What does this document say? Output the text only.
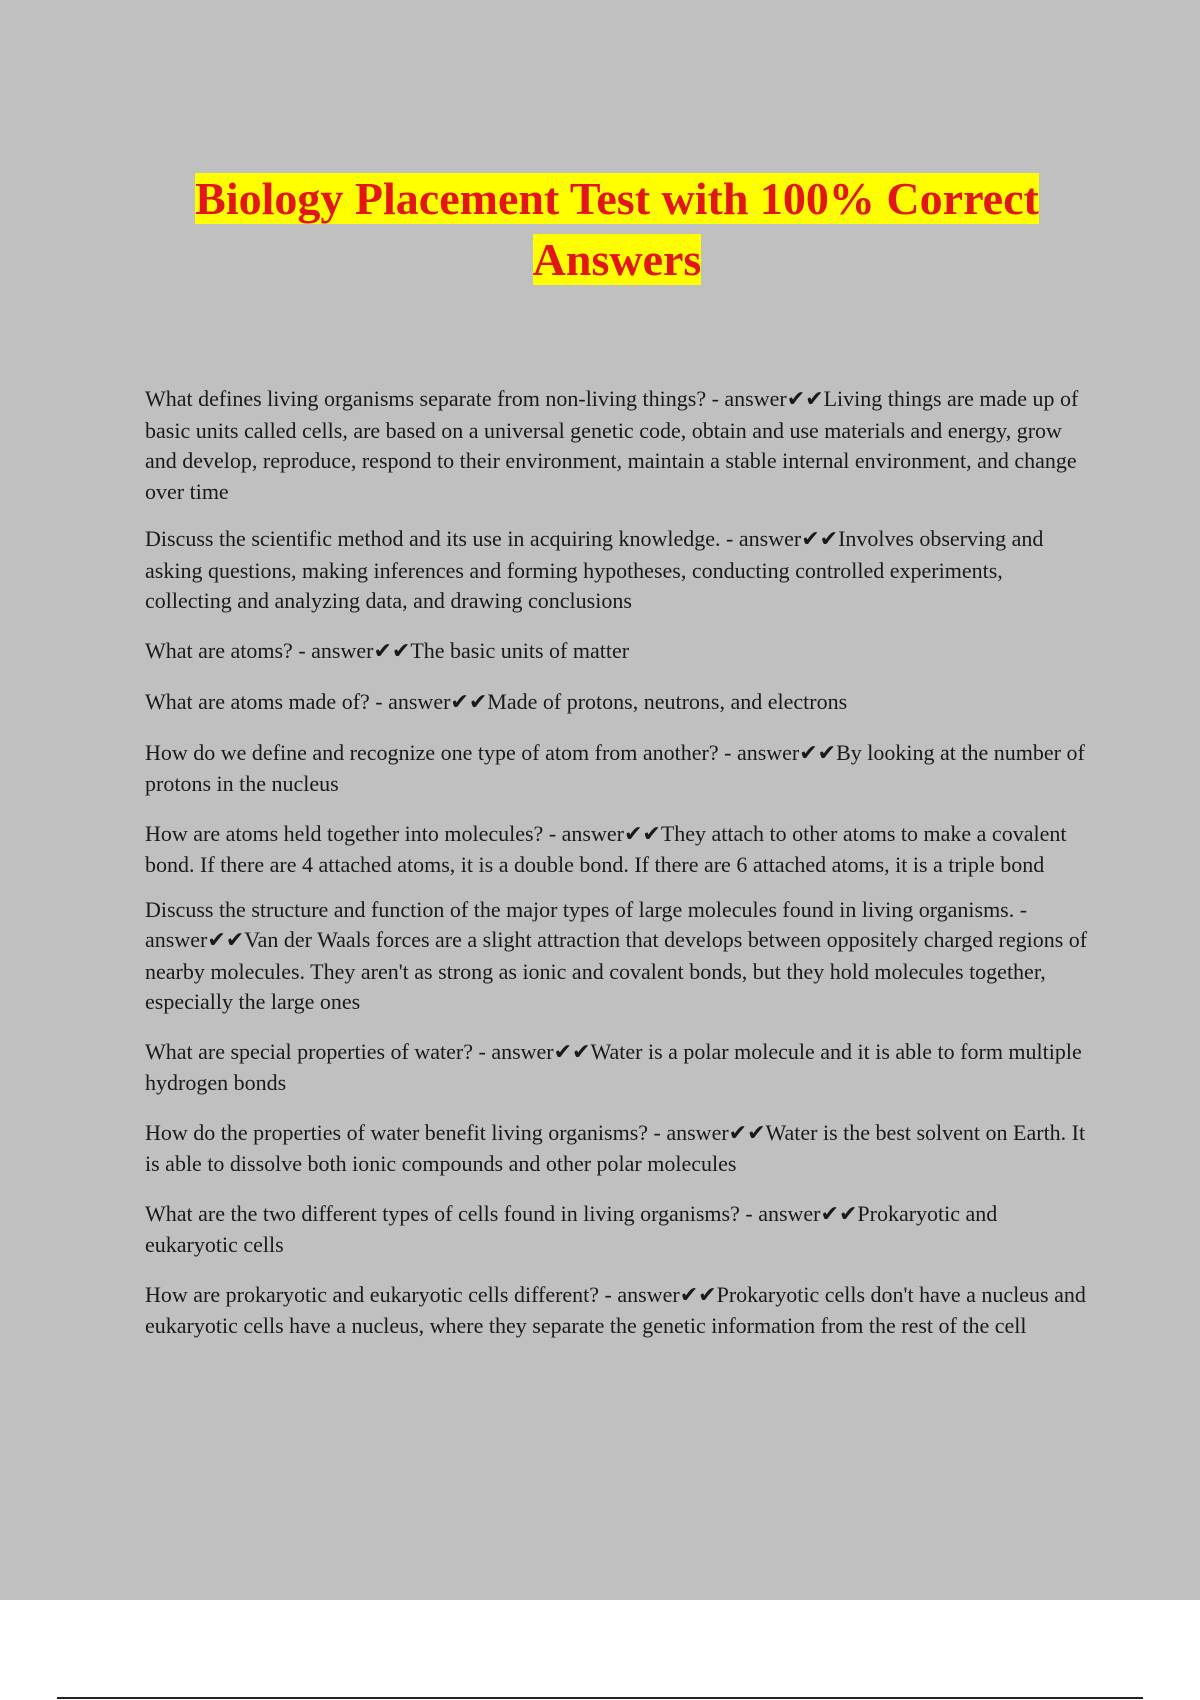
Biology Placement Test with 100% Correct
Answers

What defines living organisms separate from non-living things? - answer✔✔Living things are made up of basic units called cells, are based on a universal genetic code, obtain and use materials and energy, grow and develop, reproduce, respond to their environment, maintain a stable internal environment, and change over time

Discuss the scientific method and its use in acquiring knowledge. - answer✔✔Involves observing and asking questions, making inferences and forming hypotheses, conducting controlled experiments, collecting and analyzing data, and drawing conclusions

What are atoms? - answer✔✔The basic units of matter

What are atoms made of? - answer✔✔Made of protons, neutrons, and electrons

How do we define and recognize one type of atom from another? - answer✔✔By looking at the number of protons in the nucleus

How are atoms held together into molecules? - answer✔✔They attach to other atoms to make a covalent bond. If there are 4 attached atoms, it is a double bond. If there are 6 attached atoms, it is a triple bond

Discuss the structure and function of the major types of large molecules found in living organisms. - answer✔✔Van der Waals forces are a slight attraction that develops between oppositely charged regions of nearby molecules. They aren't as strong as ionic and covalent bonds, but they hold molecules together, especially the large ones

What are special properties of water? - answer✔✔Water is a polar molecule and it is able to form multiple hydrogen bonds

How do the properties of water benefit living organisms? - answer✔✔Water is the best solvent on Earth. It is able to dissolve both ionic compounds and other polar molecules

What are the two different types of cells found in living organisms? - answer✔✔Prokaryotic and eukaryotic cells

How are prokaryotic and eukaryotic cells different? - answer✔✔Prokaryotic cells don't have a nucleus and eukaryotic cells have a nucleus, where they separate the genetic information from the rest of the cell
